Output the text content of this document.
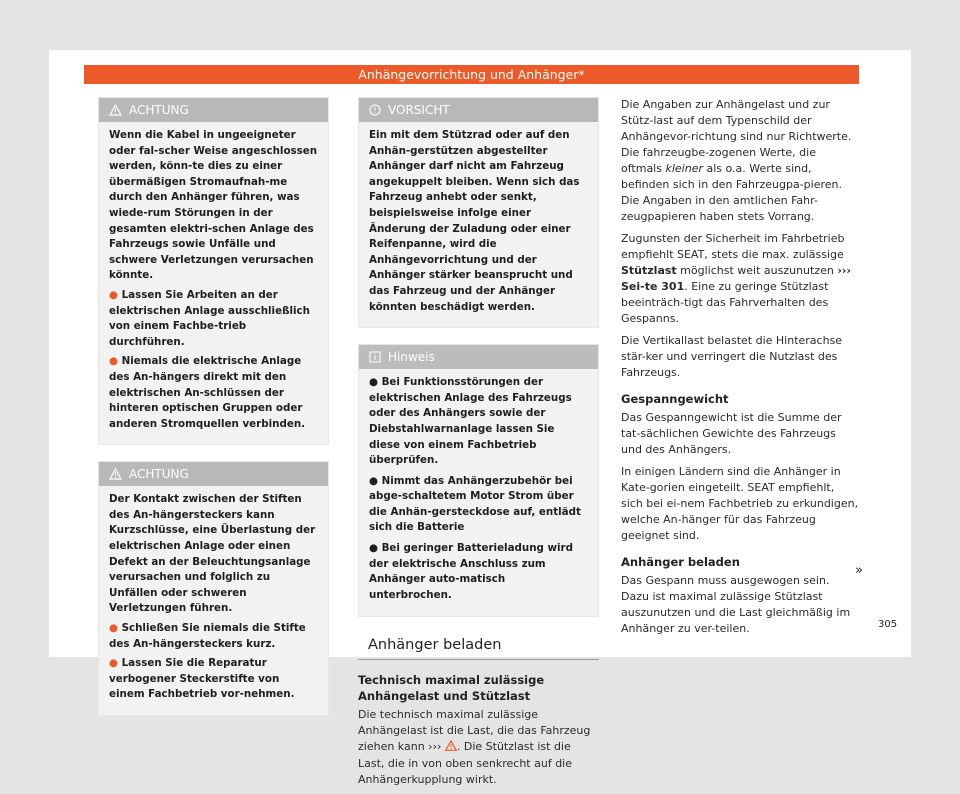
Anhängevorrichtung und Anhänger*
ACHTUNG

Wenn die Kabel in ungeeigneter oder fal-scher Weise angeschlossen werden, könn-te dies zu einer übermäßigen Stromaufnah-me durch den Anhänger führen, was wiede-rum Störungen in der gesamten elektri-schen Anlage des Fahrzeugs sowie Unfälle und schwere Verletzungen verursachen könnte.

● Lassen Sie Arbeiten an der elektrischen Anlage ausschließlich von einem Fachbe-trieb durchführen.
● Niemals die elektrische Anlage des An-hängers direkt mit den elektrischen An-schlüssen der hinteren optischen Gruppen oder anderen Stromquellen verbinden.
ACHTUNG

Der Kontakt zwischen der Stiften des An-hängersteckers kann Kurzschlüsse, eine Überlastung der elektrischen Anlage oder einen Defekt an der Beleuchtungsanlage verursachen und folglich zu Unfällen oder schweren Verletzungen führen.

● Schließen Sie niemals die Stifte des An-hängersteckers kurz.
● Lassen Sie die Reparatur verbogener Steckerstifte von einem Fachbetrieb vor-nehmen.
VORSICHT

Ein mit dem Stützrad oder auf den Anhän-gerstützen abgestellter Anhänger darf nicht am Fahrzeug angekuppelt bleiben. Wenn sich das Fahrzeug anhebt oder senkt, beispielsweise infolge einer Änderung der Zuladung oder einer Reifenpanne, wird die Anhängevorrichtung und der Anhänger stärker beansprucht und das Fahrzeug und der Anhänger könnten beschädigt werden.

Hinweis
● Bei Funktionsstörungen der elektrischen Anlage des Fahrzeugs oder des Anhängers sowie der Diebstahlwarnanlage lassen Sie diese von einem Fachbetrieb überprüfen.
● Nimmt das Anhängerzubehör bei abge-schaltetem Motor Strom über die Anhän-gersteckdose auf, entlädt sich die Batterie
● Bei geringer Batterieladung wird der elektrische Anschluss zum Anhänger auto-matisch unterbrochen.
Anhänger beladen
Technisch maximal zulässige Anhängelast und Stützlast

Die technisch maximal zulässige Anhängelast ist die Last, die das Fahrzeug ziehen kann ››› . Die Stützlast ist die Last, die in von oben senkrecht auf die Anhängerkupplung wirkt.

Die Angaben zur Anhängelast und zur Stütz-last auf dem Typenschild der Anhängevor-richtung sind nur Richtwerte. Die fahrzeugbe-zogenen Werte, die oftmals kleiner als o.a. Werte sind, befinden sich in den Fahrzeugpa-pieren. Die Angaben in den amtlichen Fahr-zeugpapieren haben stets Vorrang.

Zugunsten der Sicherheit im Fahrbetrieb empfiehlt SEAT, stets die max. zulässige Stützlast möglichst weit auszunutzen ››› Sei-te 301. Eine zu geringe Stützlast beeinträch-tigt das Fahrverhalten des Gespanns.

Die Vertikallast belastet die Hinterachse stär-ker und verringert die Nutzlast des Fahrzeugs.

Gespanngewicht

Das Gespanngewicht ist die Summe der tat-sächlichen Gewichte des Fahrzeugs und des Anhängers.

In einigen Ländern sind die Anhänger in Kate-gorien eingeteilt. SEAT empfiehlt, sich bei ei-nem Fachbetrieb zu erkundigen, welche An-hänger für das Fahrzeug geeignet sind.

Anhänger beladen

Das Gespann muss ausgewogen sein. Dazu ist maximal zulässige Stützlast auszunutzen und die Last gleichmäßig im Anhänger zu ver-teilen.

»
305
